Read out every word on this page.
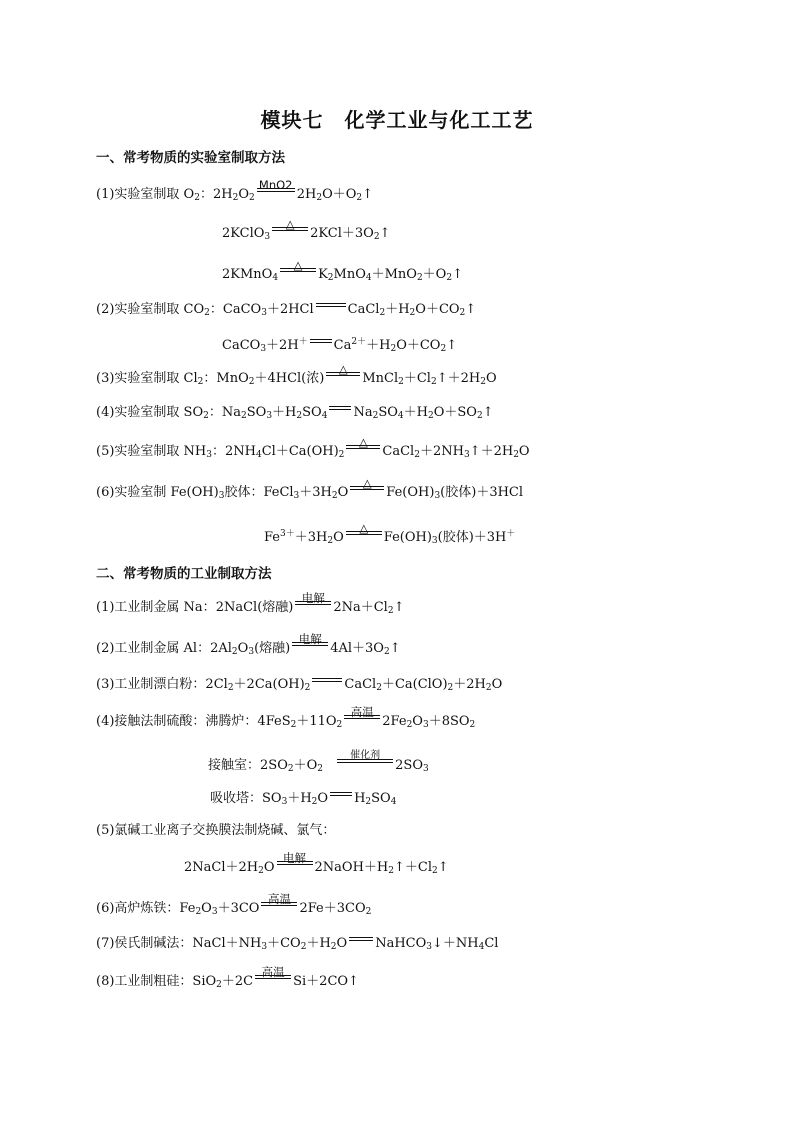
模块七　化学工业与化工工艺
一、常考物质的实验室制取方法
(1)实验室制取 $O_2$：$2H_2O_2$
MnO2
$2H_2O+O_2↑$
2KClO$_3$
△
$2KCl+3O_2↑$
2KMnO$_4$
△
$K_2MnO_4+MnO_2+O_2↑$
(2)实验室制取 $CO_2$：CaCO$_3$＋2HCl	$CaCl_2+H_2O+CO_2↑$
CaCO$_3$＋2H＋ $Ca^{2+}+H_2O+CO_2↑$
(3)实验室制取 $Cl_2$：MnO$_2$＋4HCl(浓)
△
$MnCl_2+Cl_2↑+2H_2O$
(4)实验室制取 $SO_2$：$Na_2SO_3+H_2SO_4$ $Na_2SO_4+H_2O+SO_2↑$
(5)实验室制取 $NH_3$：$2NH_4Cl+Ca(OH)_2$
△
$CaCl_2+2NH_3↑+2H_2O$
(6)实验室制 $Fe(OH)_3$胶体：$FeCl_3+3H_2O$
△
$Fe(OH)_3$(胶体)＋3HCl
$Fe^{3+}+3H_2O$
△
$Fe(OH)_3$(胶体)＋3H＋
二、常考物质的工业制取方法
(1)工业制金属 Na：2NaCl(熔融)
电解
$2Na+Cl_2↑$
(2)工业制金属 Al：$2Al_2O_3$(熔融)
电解
$4Al+3O_2↑$
(3)工业制漂白粉：$2Cl_2+2Ca(OH)_2$	$CaCl_2+Ca(ClO)_2+2H_2O$
(4)接触法制硫酸：沸腾炉：$4FeS_2+11O_2$
高温
$2Fe_2O_3+8SO_2$
接触室：$2SO_2+O_2$
催化剂
$2SO_3$
吸收塔：$SO_3+H_2O$ $H_2SO_4$
(5)氯碱工业离子交换膜法制烧碱、氯气：
$2NaCl+2H_2O$
电解
$2NaOH+H_2↑+Cl_2↑$
(6)高炉炼铁：$Fe_2O_3+3CO$
高温
$2Fe+3CO_2$
(7)侯氏制碱法：$NaCl+NH_3+CO_2+H_2O$ $NaHCO_3↓+NH_4Cl$
(8)工业制粗硅：SiO$_2$＋2C
高温
Si＋2CO↑
